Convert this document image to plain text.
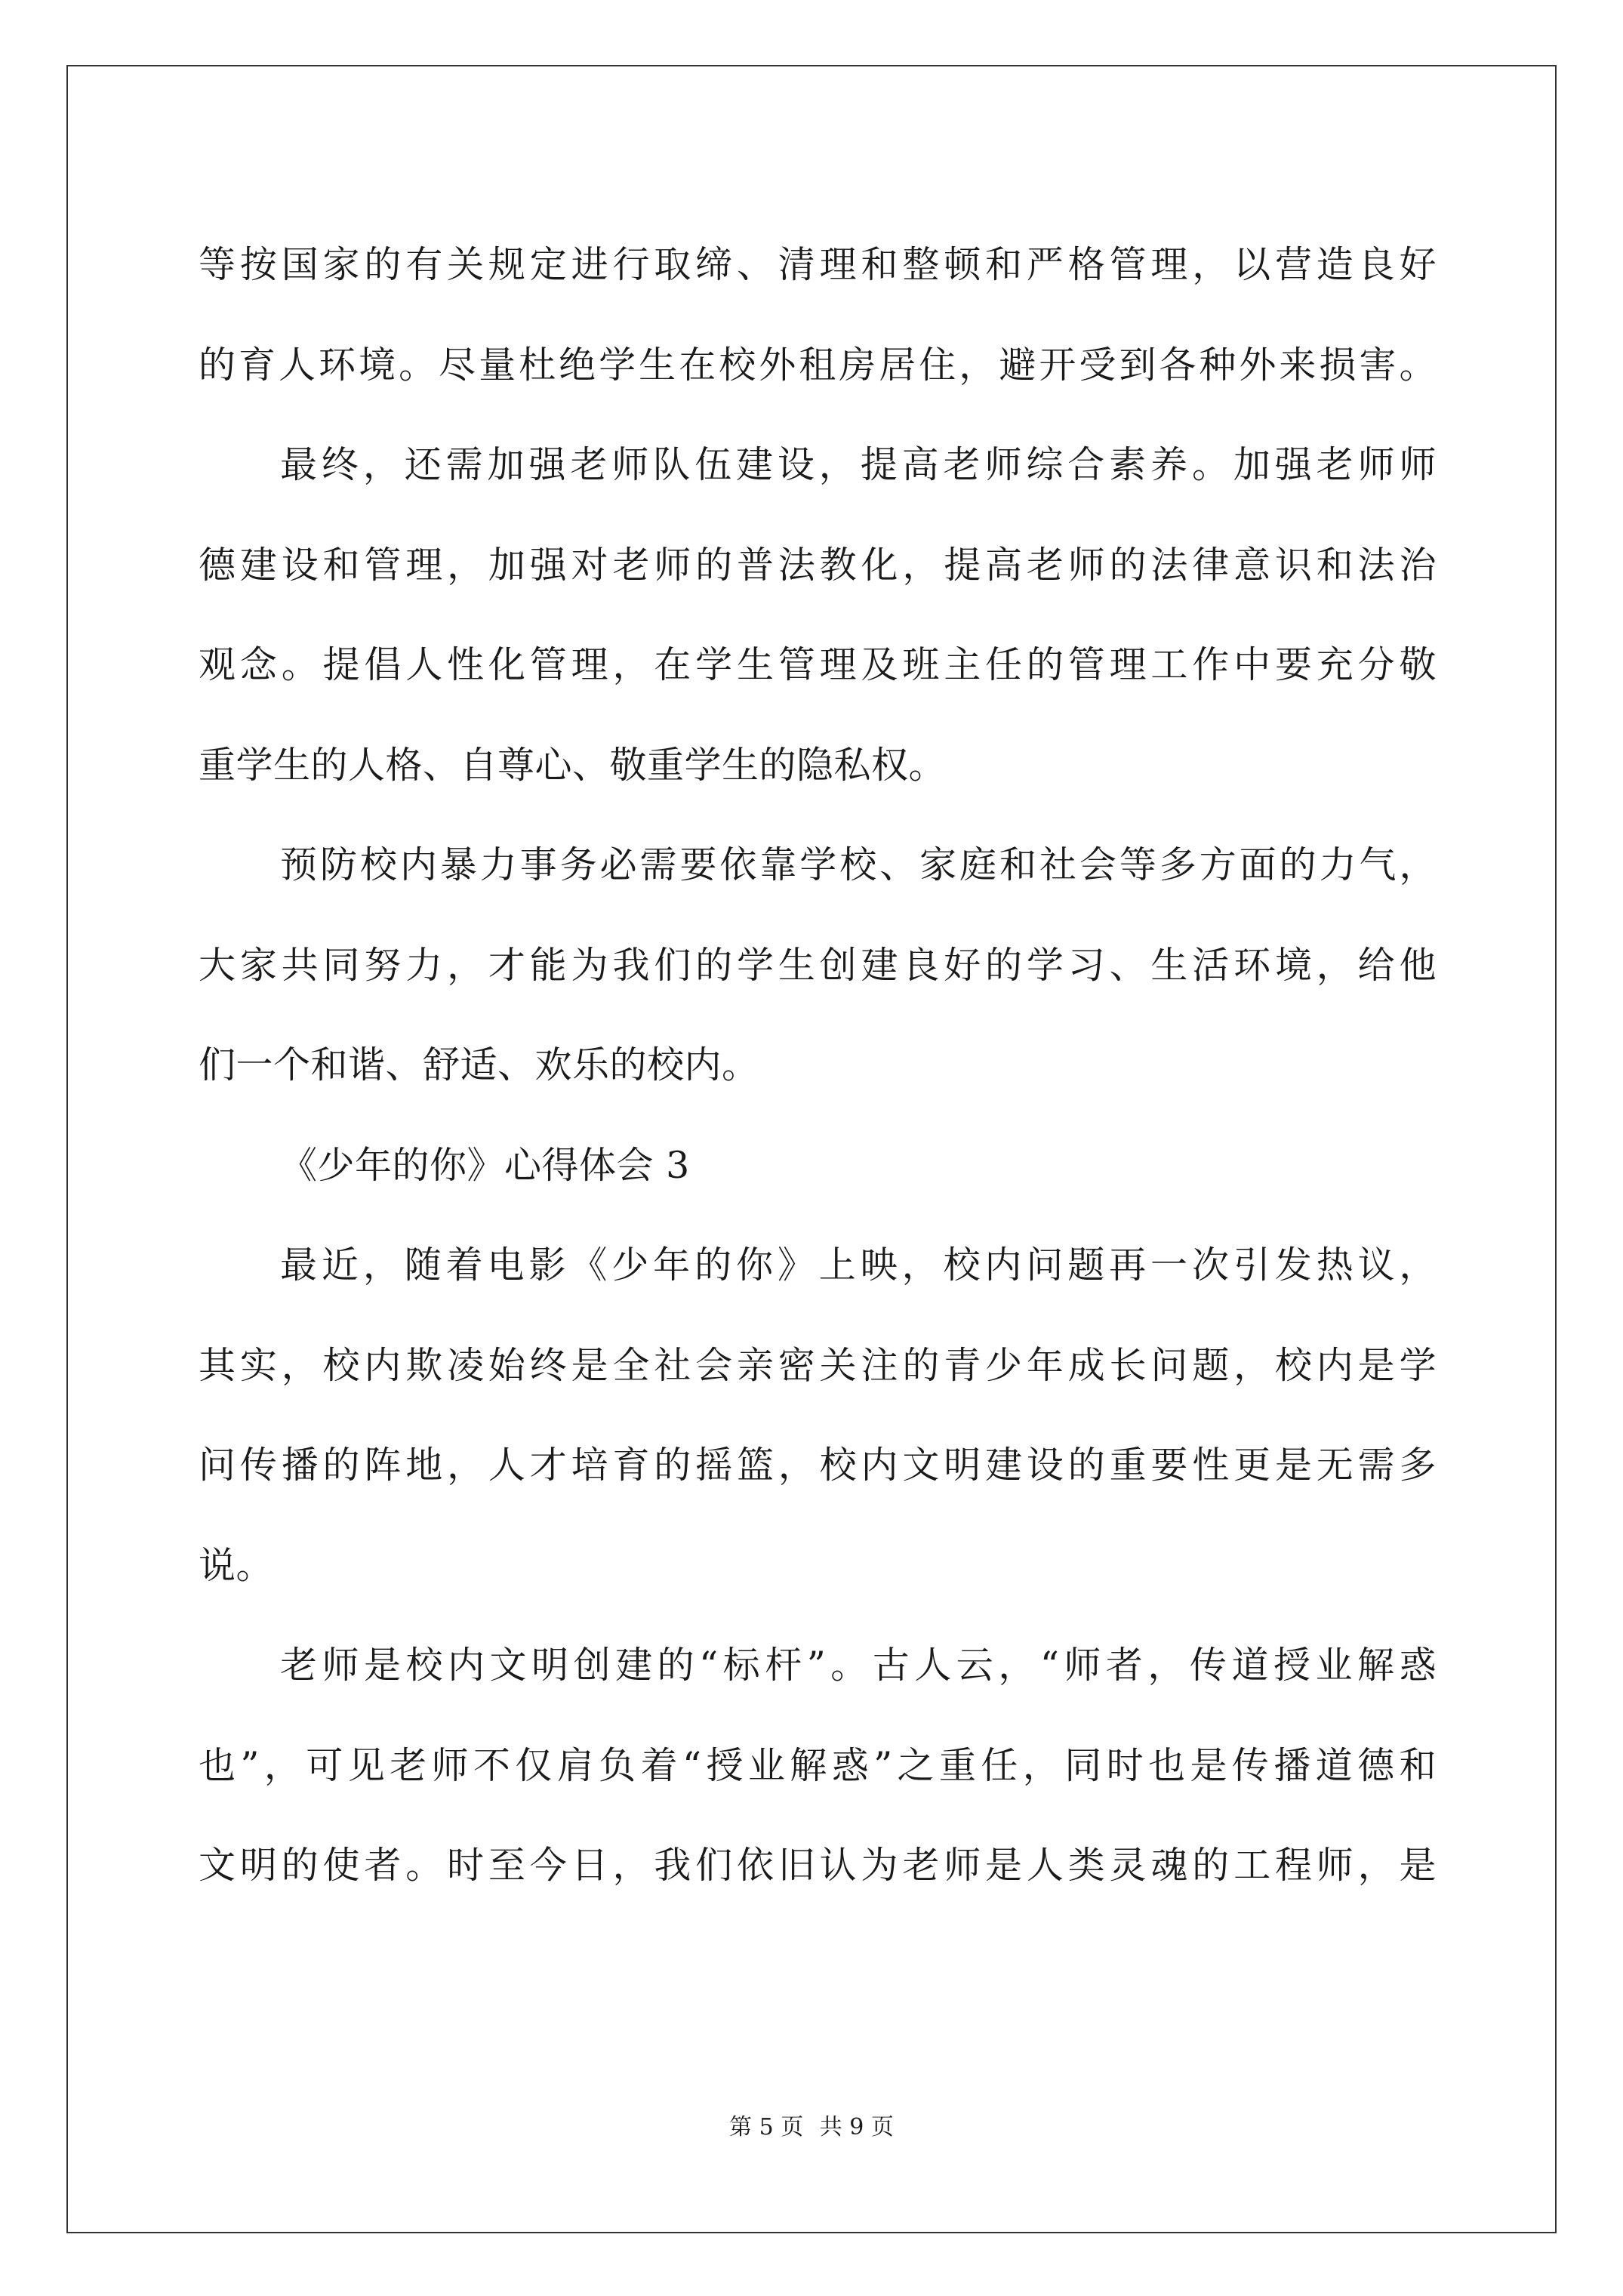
等按国家的有关规定进行取缔、清理和整顿和严格管理，以营造良好
的育人环境。尽量杜绝学生在校外租房居住，避开受到各种外来损害。
最终，还需加强老师队伍建设，提高老师综合素养。加强老师师
德建设和管理，加强对老师的普法教化，提高老师的法律意识和法治
观念。提倡人性化管理，在学生管理及班主任的管理工作中要充分敬
重学生的人格、自尊心、敬重学生的隐私权。
预防校内暴力事务必需要依靠学校、家庭和社会等多方面的力气，
大家共同努力，才能为我们的学生创建良好的学习、生活环境，给他
们一个和谐、舒适、欢乐的校内。
《少年的你》心得体会 3
最近，随着电影《少年的你》上映，校内问题再一次引发热议，
其实，校内欺凌始终是全社会亲密关注的青少年成长问题，校内是学
问传播的阵地，人才培育的摇篮，校内文明建设的重要性更是无需多
说。
老师是校内文明创建的“标杆”。古人云，“师者，传道授业解惑
也”，可见老师不仅肩负着“授业解惑”之重任，同时也是传播道德和
文明的使者。时至今日，我们依旧认为老师是人类灵魂的工程师，是
第 5 页 共 9 页
